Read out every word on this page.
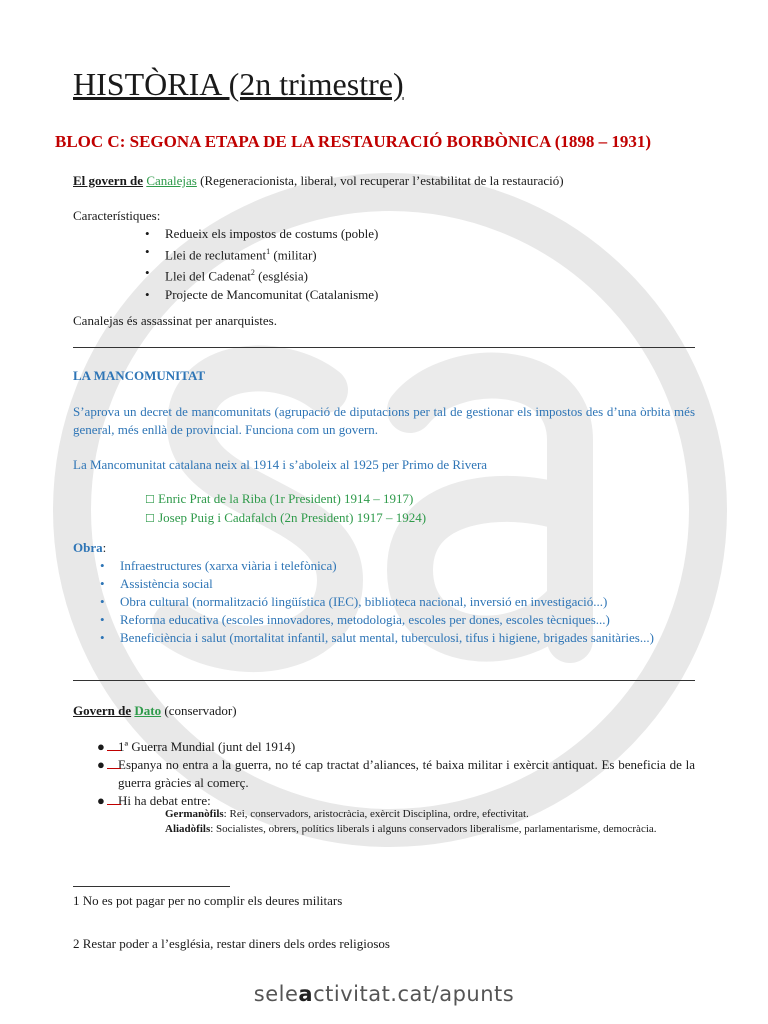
HISTÒRIA (2n trimestre)
BLOC C: SEGONA ETAPA DE LA RESTAURACIÓ BORBÒNICA (1898 – 1931)
El govern de Canalejas (Regeneracionista, liberal, vol recuperar l’estabilitat de la restauració)
Característiques:
• Redueix els impostos de costums (poble)
• Llei de reclutament$^1$ (militar)
• Llei del Cadenat$^2$ (església)
• Projecte de Mancomunitat (Catalanisme)
Canalejas és assassinat per anarquistes.
LA MANCOMUNITAT
S’aprova un decret de mancomunitats (agrupació de diputacions per tal de gestionar els impostos des d’una òrbita més general, més enllà de provincial. Funciona com un govern.
La Mancomunitat catalana neix al 1914 i s’aboleix al 1925 per Primo de Rivera
☐ Enric Prat de la Riba (1r President) 1914 – 1917)
☐ Josep Puig i Cadafalch (2n President) 1917 – 1924)
Obra:
• Infraestructures (xarxa viària i telefònica)
• Assistència social
• Obra cultural (normalització lingüística (IEC), biblioteca nacional, inversió en investigació...)
• Reforma educativa (escoles innovadores, metodologia, escoles per dones, escoles tècniques...)
• Beneficiència i salut (mortalitat infantil, salut mental, tuberculosi, tifus i higiene, brigades sanitàries...)
Govern de Dato (conservador)
●	1ª Guerra Mundial (junt del 1914)
●	Espanya no entra a la guerra, no té cap tractat d’aliances, té baixa militar i exèrcit antiquat. Es beneficia de la guerra gràcies al comerç.
●	Hi ha debat entre:
Germanòfils: Rei, conservadors, aristocràcia, exèrcit Disciplina, ordre, efectivitat.
Aliadòfils: Socialistes, obrers, polítics liberals i alguns conservadors liberalisme, parlamentarisme, democràcia.
1 No es pot pagar per no complir els deures militars
2 Restar poder a l’església, restar diners dels ordes religiosos
seleactivitat.cat/apunts
